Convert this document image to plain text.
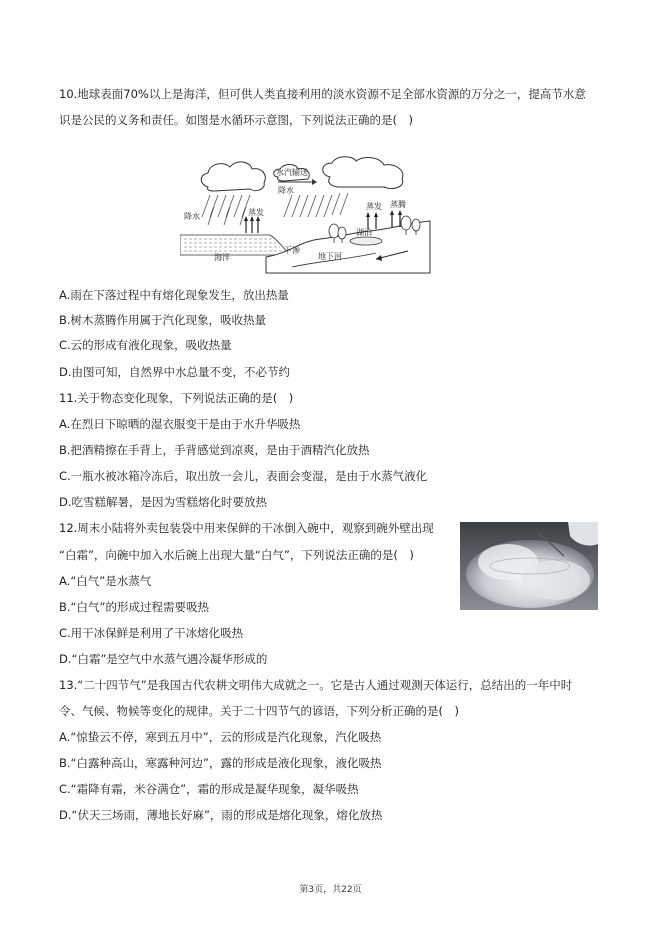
10.地球表面70%以上是海洋，但可供人类直接利用的淡水资源不足全部水资源的万分之一，提高节水意
识是公民的义务和责任。如图是水循环示意图，下列说法正确的是(　)
水汽输送
降水
降水
蒸发
海洋
湖泊
蒸发 蒸腾
下渗
地下河
A.雨在下落过程中有熔化现象发生，放出热量
B.树木蒸腾作用属于汽化现象，吸收热量
C.云的形成有液化现象，吸收热量
D.由图可知，自然界中水总量不变，不必节约
11.关于物态变化现象，下列说法正确的是(　)
A.在烈日下晾晒的湿衣服变干是由于水升华吸热
B.把酒精擦在手背上，手背感觉到凉爽，是由于酒精汽化放热
C.一瓶水被冰箱冷冻后，取出放一会儿，表面会变湿，是由于水蒸气液化
D.吃雪糕解暑，是因为雪糕熔化时要放热
12.周末小陆将外卖包装袋中用来保鲜的干冰倒入碗中，观察到碗外壁出现
“白霜”，向碗中加入水后碗上出现大量“白气”，下列说法正确的是(　)
A.“白气”是水蒸气
B.“白气”的形成过程需要吸热
C.用干冰保鲜是利用了干冰熔化吸热
D.“白霜”是空气中水蒸气遇冷凝华形成的
13.“二十四节气”是我国古代农耕文明伟大成就之一。它是古人通过观测天体运行，总结出的一年中时
令、气候、物候等变化的规律。关于二十四节气的谚语，下列分析正确的是(　)
A.“惊蛰云不停，寒到五月中”，云的形成是汽化现象，汽化吸热
B.“白露种高山，寒露种河边”，露的形成是液化现象，液化吸热
C.“霜降有霜，米谷满仓”，霜的形成是凝华现象，凝华吸热
D.“伏天三场雨，薄地长好麻”，雨的形成是熔化现象，熔化放热
第3页，共22页
